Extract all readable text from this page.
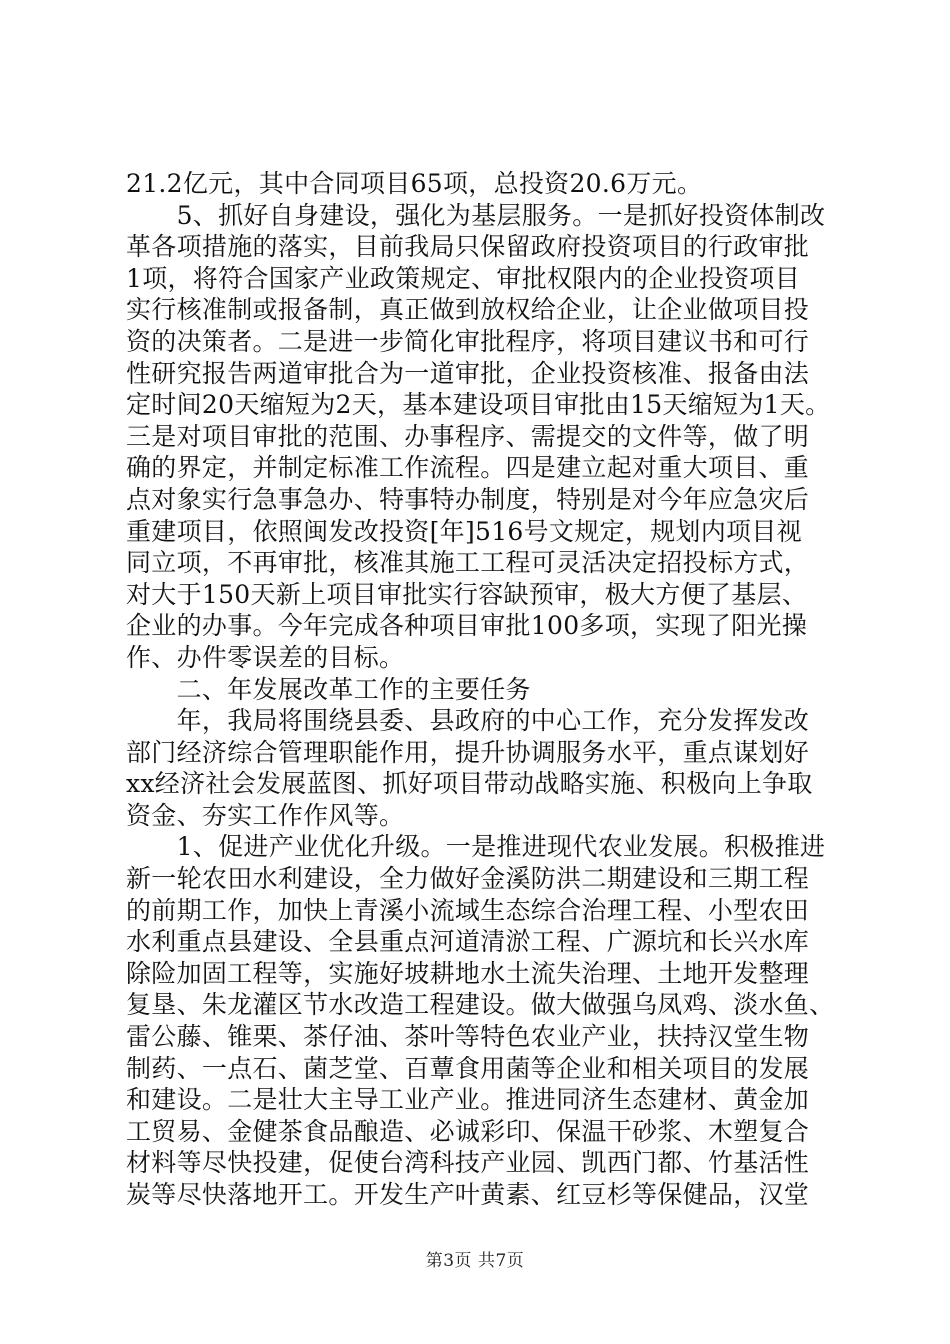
21.2亿元，其中合同项目65项，总投资20.6万元。
　　5、抓好自身建设，强化为基层服务。一是抓好投资体制改
革各项措施的落实，目前我局只保留政府投资项目的行政审批
1项，将符合国家产业政策规定、审批权限内的企业投资项目
实行核准制或报备制，真正做到放权给企业，让企业做项目投
资的决策者。二是进一步简化审批程序，将项目建议书和可行
性研究报告两道审批合为一道审批，企业投资核准、报备由法
定时间20天缩短为2天，基本建设项目审批由15天缩短为1天。
三是对项目审批的范围、办事程序、需提交的文件等，做了明
确的界定，并制定标准工作流程。四是建立起对重大项目、重
点对象实行急事急办、特事特办制度，特别是对今年应急灾后
重建项目，依照闽发改投资[年]516号文规定，规划内项目视
同立项，不再审批，核准其施工工程可灵活决定招投标方式，
对大于150天新上项目审批实行容缺预审，极大方便了基层、
企业的办事。今年完成各种项目审批100多项，实现了阳光操
作、办件零误差的目标。
　　二、年发展改革工作的主要任务
　　年，我局将围绕县委、县政府的中心工作，充分发挥发改
部门经济综合管理职能作用，提升协调服务水平，重点谋划好
xx经济社会发展蓝图、抓好项目带动战略实施、积极向上争取
资金、夯实工作作风等。
　　1、促进产业优化升级。一是推进现代农业发展。积极推进
新一轮农田水利建设，全力做好金溪防洪二期建设和三期工程
的前期工作，加快上青溪小流域生态综合治理工程、小型农田
水利重点县建设、全县重点河道清淤工程、广源坑和长兴水库
除险加固工程等，实施好坡耕地水土流失治理、土地开发整理
复垦、朱龙灌区节水改造工程建设。做大做强乌凤鸡、淡水鱼、
雷公藤、锥栗、茶仔油、茶叶等特色农业产业，扶持汉堂生物
制药、一点石、菌芝堂、百蕈食用菌等企业和相关项目的发展
和建设。二是壮大主导工业产业。推进同济生态建材、黄金加
工贸易、金健茶食品酿造、必诚彩印、保温干砂浆、木塑复合
材料等尽快投建，促使台湾科技产业园、凯西门都、竹基活性
炭等尽快落地开工。开发生产叶黄素、红豆杉等保健品，汉堂
第3页 共7页
